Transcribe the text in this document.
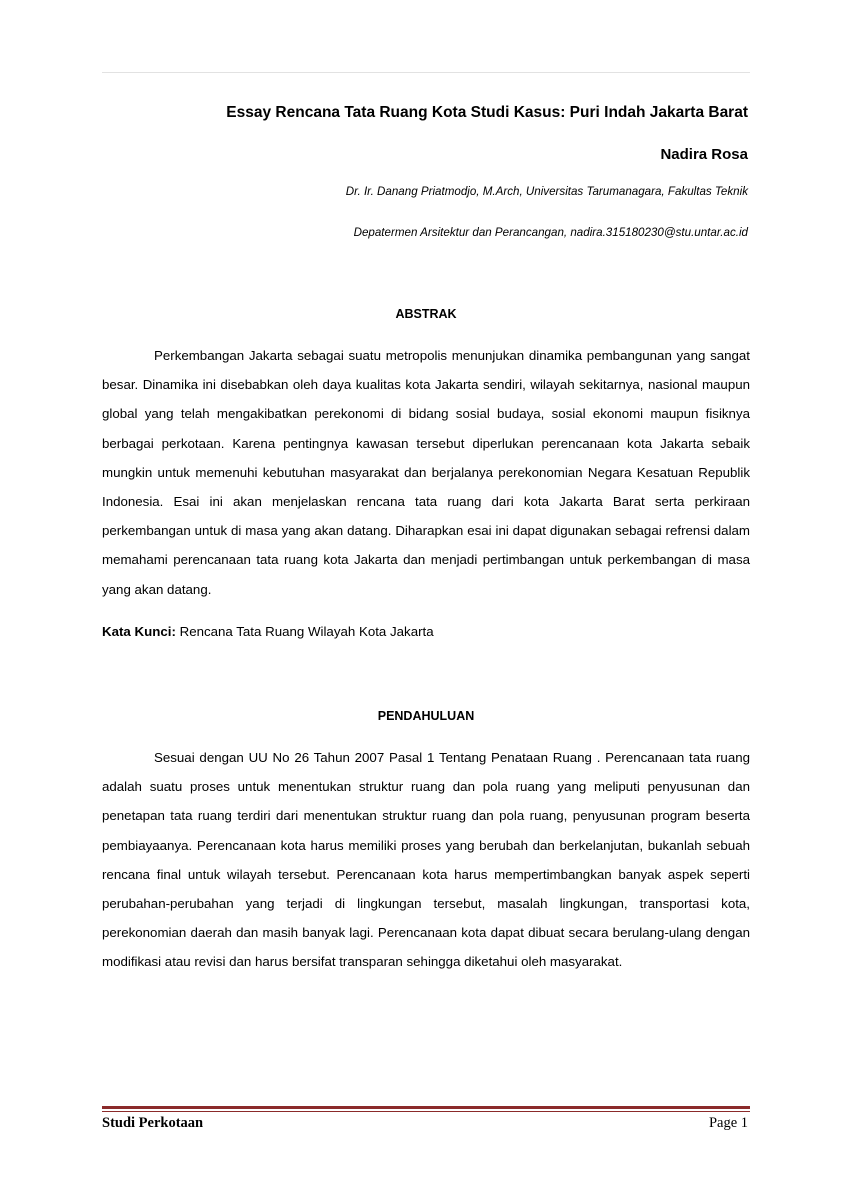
Essay Rencana Tata Ruang Kota Studi Kasus: Puri Indah Jakarta Barat
Nadira Rosa
Dr. Ir. Danang Priatmodjo, M.Arch, Universitas Tarumanagara, Fakultas Teknik
Depatermen Arsitektur dan Perancangan, nadira.315180230@stu.untar.ac.id
ABSTRAK

Perkembangan Jakarta sebagai suatu metropolis menunjukan dinamika pembangunan yang sangat besar. Dinamika ini disebabkan oleh daya kualitas kota Jakarta sendiri, wilayah sekitarnya, nasional maupun global yang telah mengakibatkan perekonomi di bidang sosial budaya, sosial ekonomi maupun fisiknya berbagai perkotaan. Karena pentingnya kawasan tersebut diperlukan perencanaan kota Jakarta sebaik mungkin untuk memenuhi kebutuhan masyarakat dan berjalanya perekonomian Negara Kesatuan Republik Indonesia. Esai ini akan menjelaskan rencana tata ruang dari kota Jakarta Barat serta perkiraan perkembangan untuk di masa yang akan datang. Diharapkan esai ini dapat digunakan sebagai refrensi dalam memahami perencanaan tata ruang kota Jakarta dan menjadi pertimbangan untuk perkembangan di masa yang akan datang.

Kata Kunci: Rencana Tata Ruang Wilayah Kota Jakarta
PENDAHULUAN

Sesuai dengan UU No 26 Tahun 2007 Pasal 1 Tentang Penataan Ruang . Perencanaan tata ruang adalah suatu proses untuk menentukan struktur ruang dan pola ruang yang meliputi penyusunan dan penetapan tata ruang terdiri dari menentukan struktur ruang dan pola ruang, penyusunan program beserta pembiayaanya. Perencanaan kota harus memiliki proses yang berubah dan berkelanjutan, bukanlah sebuah rencana final untuk wilayah tersebut. Perencanaan kota harus mempertimbangkan banyak aspek seperti perubahan-perubahan yang terjadi di lingkungan tersebut, masalah lingkungan, transportasi kota, perekonomian daerah dan masih banyak lagi. Perencanaan kota dapat dibuat secara berulang-ulang dengan modifikasi atau revisi dan harus bersifat transparan sehingga diketahui oleh masyarakat.

Studi Perkotaan	Page 1
